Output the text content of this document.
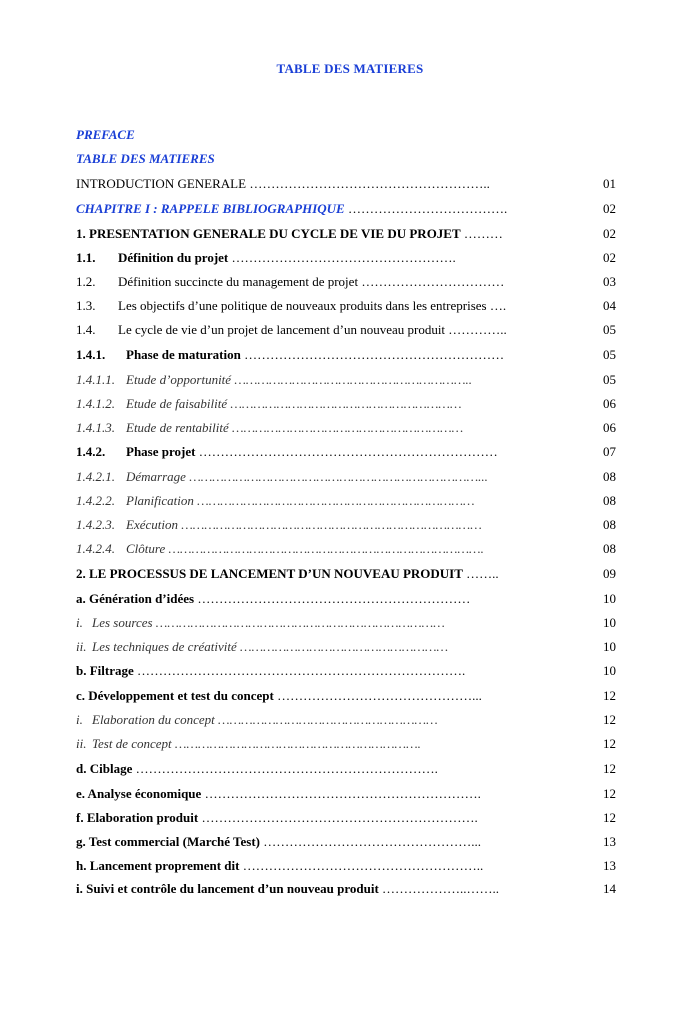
TABLE DES MATIERES
PREFACE
TABLE DES MATIERES
INTRODUCTION GENERALE ………………………………………………..	01
CHAPITRE I : RAPPELE BIBLIOGRAPHIQUE ……………………………….	02
1. PRESENTATION GENERALE DU CYCLE DE VIE DU PROJET ………	02
1.1. Définition du projet …………………………………………….	02
1.2. Définition succincte du management de projet ……………………………	03
1.3. Les objectifs d’une politique de nouveaux produits dans les entreprises ….	04
1.4. Le cycle de vie d’un projet de lancement d’un nouveau produit …………..	05
1.4.1. Phase de maturation ……………………………………………………	05
1.4.1.1. Etude d’opportunité ……………………………………………………..	05
1.4.1.2. Etude de faisabilité ……………………………………………………	06
1.4.1.3. Etude de rentabilité ……………………………………………………	06
1.4.2. Phase projet ……………………………………………………………	07
1.4.2.1. Démarrage …………………………………………………………………...	08
1.4.2.2. Planification ………………………………………………………………	08
1.4.2.3. Exécution ……………………………………………………………………	08
1.4.2.4. Clôture ……………………………………………………………………….	08
2. LE PROCESSUS DE LANCEMENT D’UN NOUVEAU PRODUIT ……..	09
a. Génération d’idées ………………………………………………………	10
i. Les sources …………………………………………………………………	10
ii. Les techniques de créativité ………………………………………………	10
b. Filtrage ………………………………………………………………….	10
c. Développement et test du concept ………………………………………...	12
i. Elaboration du concept …………………………………………………	12
ii. Test de concept ……………………………………………………….	12
d. Ciblage …………………………………………………………….	12
e. Analyse économique ……………………………………………………….	12
f. Elaboration produit ……………………………………………………….	12
g. Test commercial (Marché Test) …………………………………………...	13
h. Lancement proprement dit ………………………………………………..	13
i. Suivi et contrôle du lancement d’un nouveau produit ………………..……..	14
